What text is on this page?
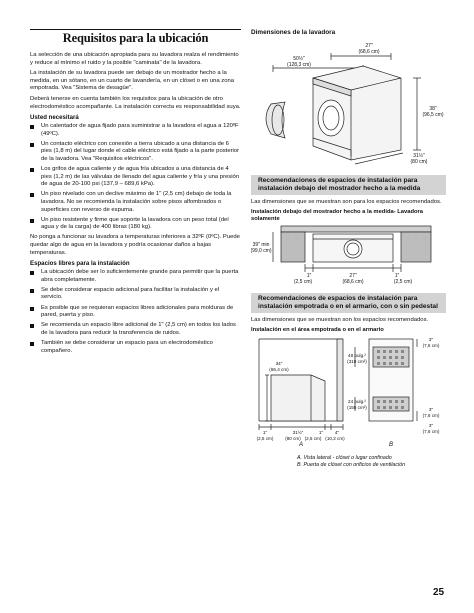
Requisitos para la ubicación

La selección de una ubicación apropiada para su lavadora realza el rendimiento y reduce al mínimo el ruido y la posible "caminata" de la lavadora.

La instalación de su lavadora puede ser debajo de un mostrador hecho a la medida, en un sótano, en un cuarto de lavandería, en un clóset o en una zona empotrada. Vea "Sistema de desagüe".

Deberá tenerse en cuenta también los requisitos para la ubicación de otro electrodoméstico acompañante. La instalación correcta es responsabilidad suya.

Usted necesitará
Un calentador de agua fijado para suministrar a la lavadora el agua a 120ºF (49ºC).
Un contacto eléctrico con conexión a tierra ubicado a una distancia de 6 pies (1,8 m) del lugar donde el cable eléctrico está fijado a la parte posterior de la lavadora. Vea "Requisitos eléctricos".
Los grifos de agua caliente y de agua fría ubicados a una distancia de 4 pies (1,2 m) de las válvulas de llenado del agua caliente y fría y una presión de agua de 20-100 psi (137,9 – 689,6 kPa).
Un piso nivelado con un declive máximo de 1" (2,5 cm) debajo de toda la lavadora. No se recomienda la instalación sobre pisos alfombrados o superficies con reverso de espuma.
Un piso resistente y firme que soporte la lavadora con un peso total (del agua y de la carga) de 400 libras (180 kg).

No ponga a funcionar su lavadora a temperaturas inferiores a 32ºF (0ºC). Puede quedar algo de agua en la lavadora y podría ocasionar daños a bajas temperaturas.

Espacios libres para la instalación
La ubicación debe ser lo suficientemente grande para permitir que la puerta abra completamente.
Se debe considerar espacio adicional para facilitar la instalación y el servicio.
Es posible que se requieran espacios libres adicionales para molduras de pared, puerta y piso.
Se recomienda un espacio libre adicional de 1" (2,5 cm) en todos los lados de la lavadora para reducir la transferencia de ruidos.
También se debe considerar un espacio para un electrodoméstico compañero.
Dimensiones de la lavadora
27"
(68,6 cm)
50½"
(128,3 cm)
38"
(96,5 cm)
31½"
(80 cm)
Recomendaciones de espacios de instalación para instalación debajo del mostrador hecho a la medida

Las dimensiones que se muestran son para los espacios recomendados.

Instalación debajo del mostrador hecho a la medida- Lavadora solamente

39" min
(99,0 cm)
1"
(2,5 cm)
27"
(68,6 cm)
1"
(2,5 cm)
Recomendaciones de espacios de instalación para instalación empotrada o en el armario, con o sin pedestal

Las dimensiones que se muestran son los espacios recomendados.

Instalación en el área empotrada o en el armario

34"
(86,4 cm)
48 pulg.²
(310 cm²)
24 pulg.²
(155 cm²)
3"
(7,6 cm)
3"
(7,6 cm)
3"
(7,6 cm)
1"
(2,5 cm)
31½"
(80 cm)
1"
(2,5 cm)
4"
(10,2 cm)
A	B

A. Vista lateral - clóset o lugar confinado

B. Puerta de clóset con orificios de ventilación

25
